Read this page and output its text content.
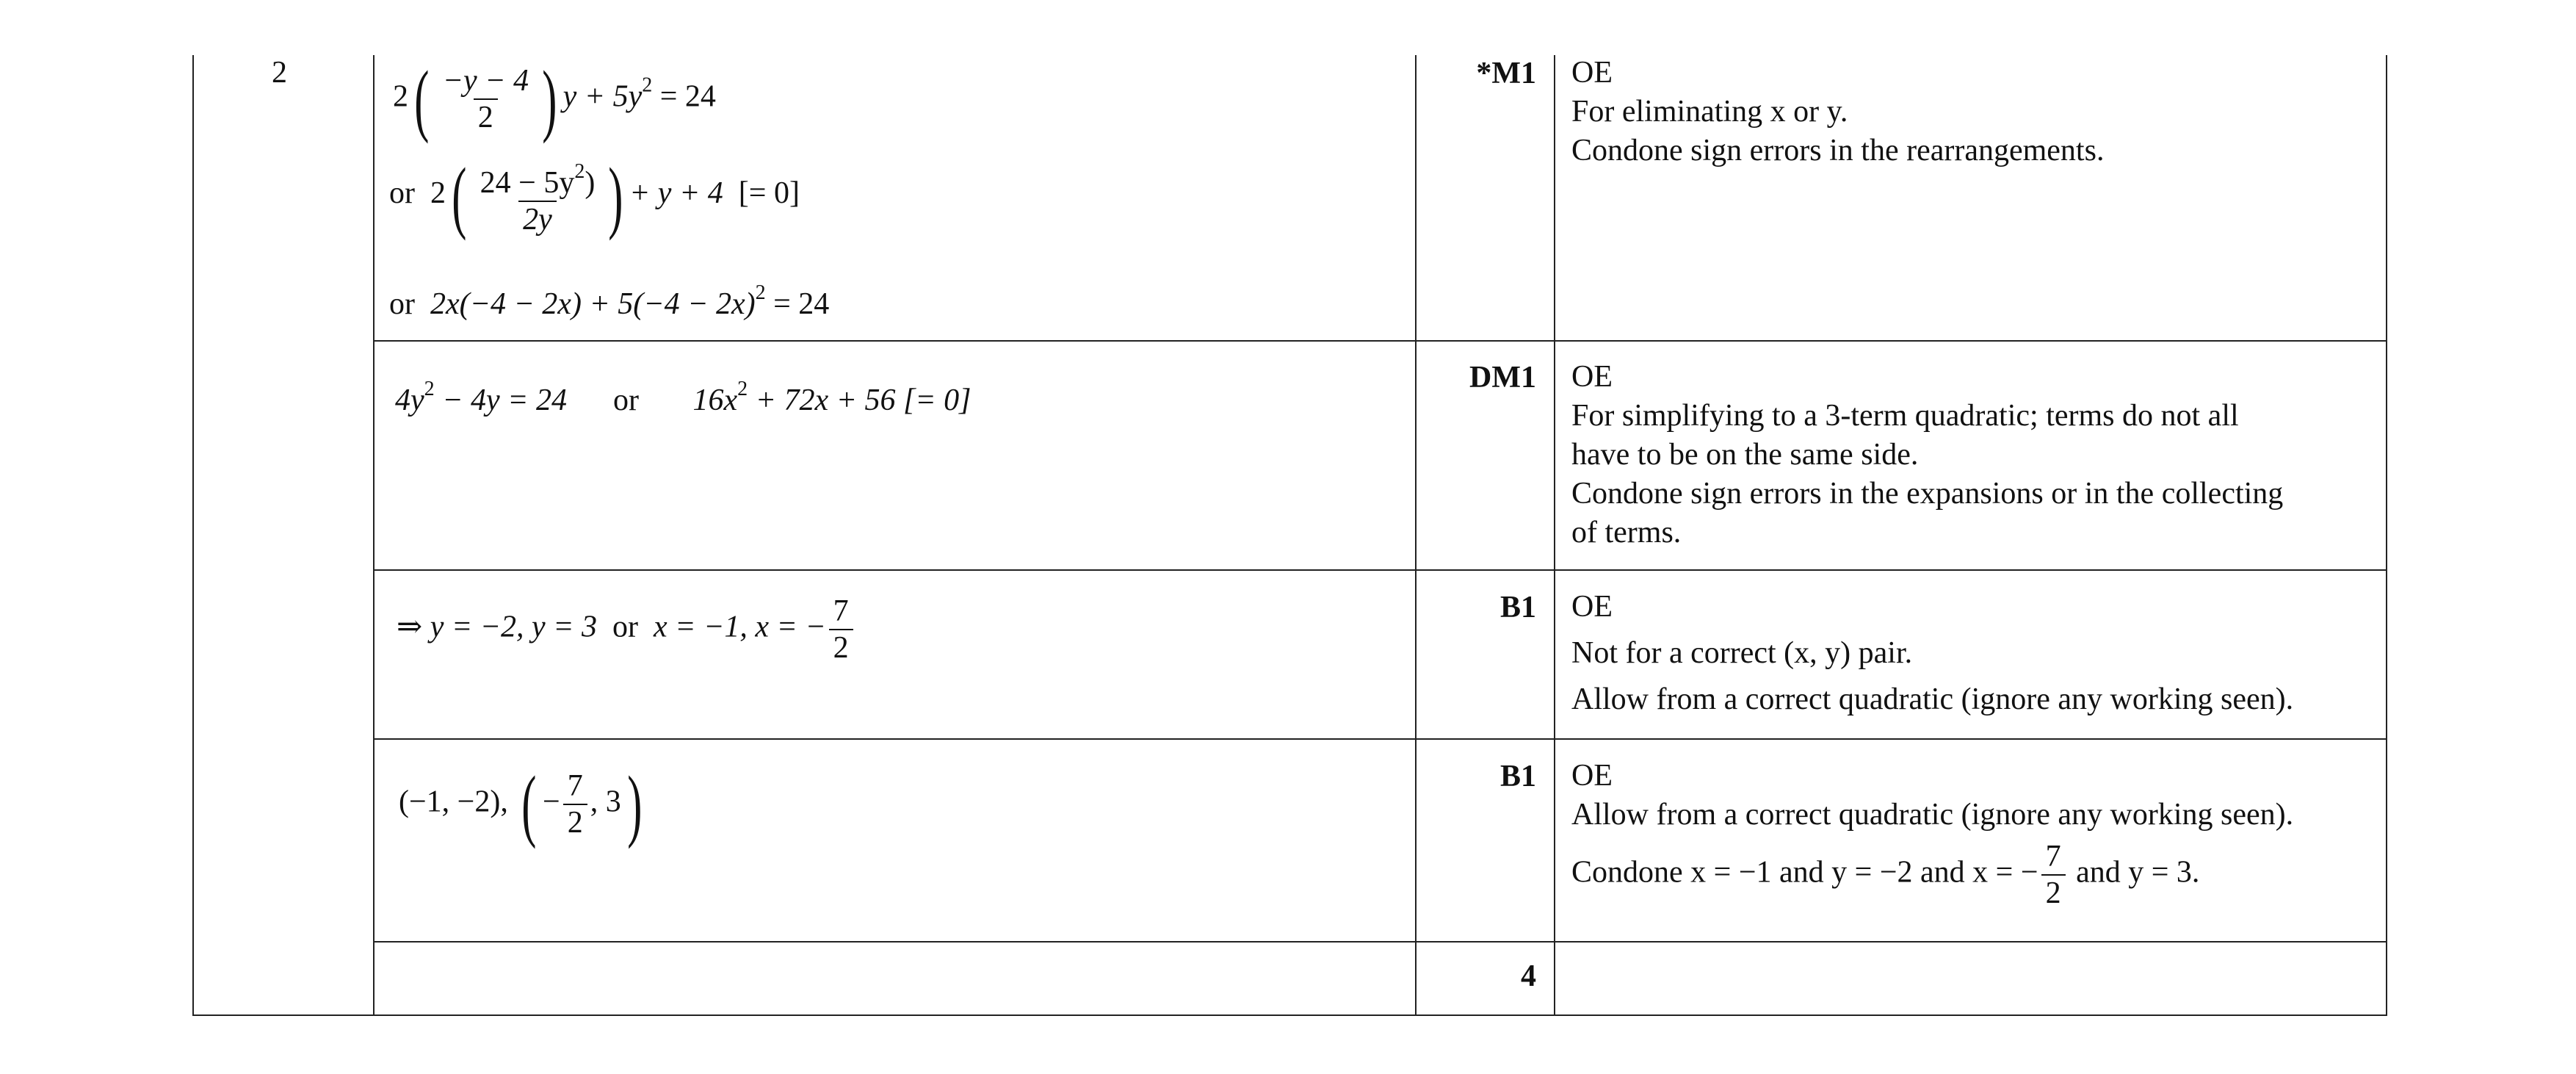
2
$2( \frac{-y - 4}{2}$ ) $y + 5y^2 = 24$
or $2( \frac{24 - 5y^2)}{2y}$ ) + y + 4 [= 0]
or $2x(-4 - 2x) + 5(-4 - 2x)^2 = 24$
*M1 OE
For eliminating x or y.
Condone sign errors in the rearrangements.
$4y^2 - 4y = 24$ or $16x^2 + 72x + 56$ [= 0]
DM1 OE
For simplifying to a 3-term quadratic; terms do not all
have to be on the same side.
Condone sign errors in the expansions or in the collecting
of terms.
⇒ y = −2, y = 3 or x = −1, x = − $\frac{7}{2}$	B1 OE
Not for a correct (x, y) pair.
Allow from a correct quadratic (ignore any working seen).
(−1, −2), ( − $\frac{7}{2}$ , 3)	B1 OE
Allow from a correct quadratic (ignore any working seen).
Condone x = −1 and y = −2 and x = − $\frac{7}{2}$ and y = 3.
4
